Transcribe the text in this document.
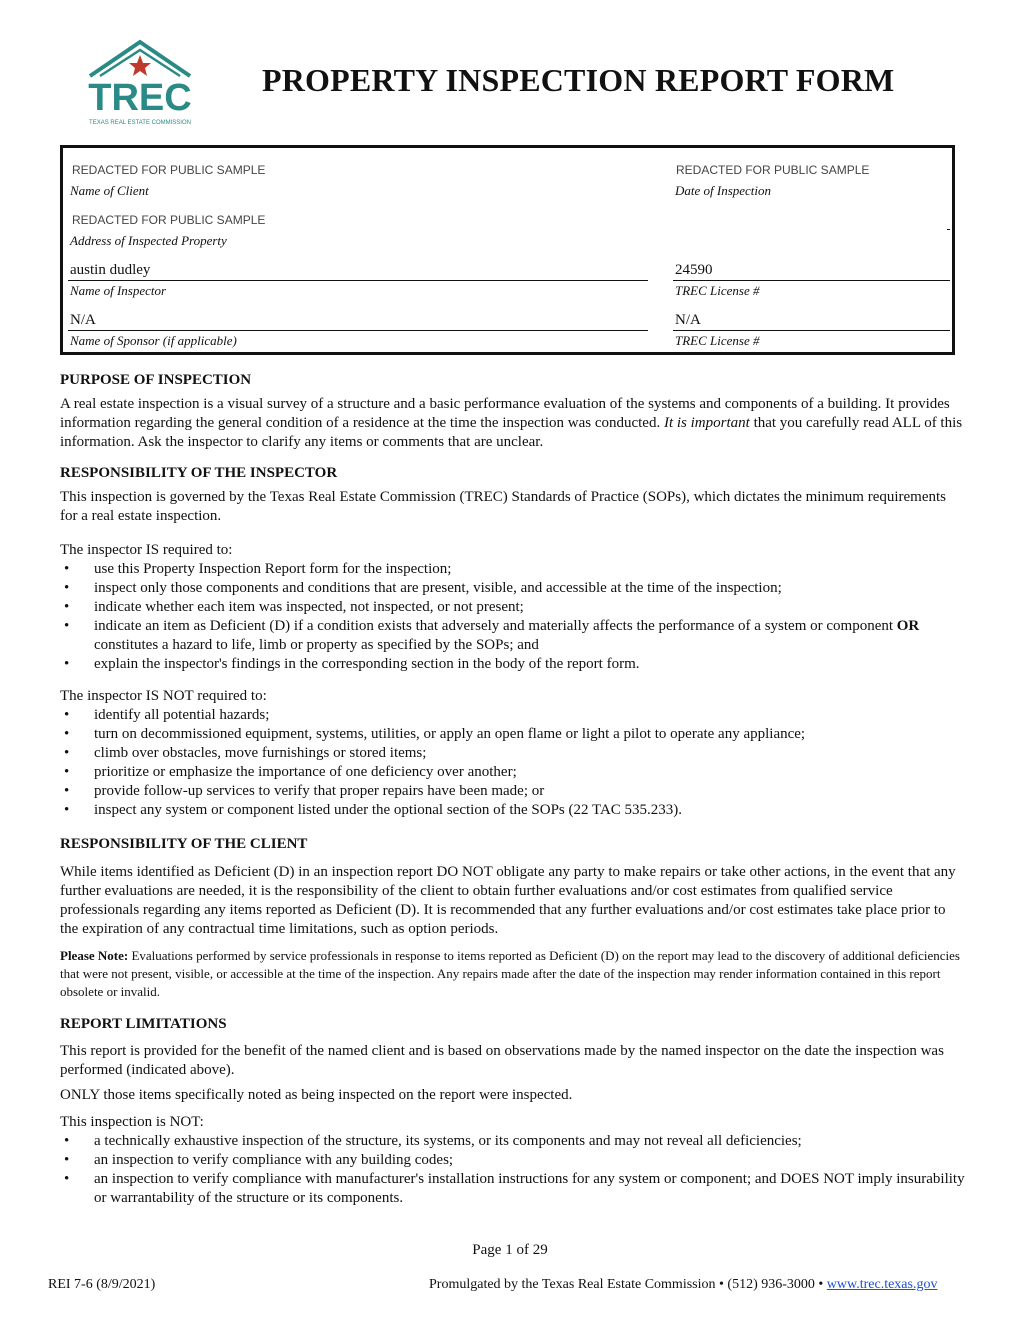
TREC
TEXAS REAL ESTATE COMMISSION
PROPERTY INSPECTION REPORT FORM
REDACTED FOR PUBLIC SAMPLE
Name of Client
REDACTED FOR PUBLIC SAMPLE
Date of Inspection
REDACTED FOR PUBLIC SAMPLE
Address of Inspected Property
austin dudley
Name of Inspector
24590
TREC License #
N/A
Name of Sponsor (if applicable)
N/A
TREC License #
PURPOSE OF INSPECTION
A real estate inspection is a visual survey of a structure and a basic performance evaluation of the systems and components of a building. It provides information regarding the general condition of a residence at the time the inspection was conducted. It is important that you carefully read ALL of this information. Ask the inspector to clarify any items or comments that are unclear.
RESPONSIBILITY OF THE INSPECTOR
This inspection is governed by the Texas Real Estate Commission (TREC) Standards of Practice (SOPs), which dictates the minimum requirements for a real estate inspection.
The inspector IS required to:
• use this Property Inspection Report form for the inspection;
• inspect only those components and conditions that are present, visible, and accessible at the time of the inspection;
• indicate whether each item was inspected, not inspected, or not present;
• indicate an item as Deficient (D) if a condition exists that adversely and materially affects the performance of a system or component OR constitutes a hazard to life, limb or property as specified by the SOPs; and
• explain the inspector's findings in the corresponding section in the body of the report form.
The inspector IS NOT required to:
• identify all potential hazards;
• turn on decommissioned equipment, systems, utilities, or apply an open flame or light a pilot to operate any appliance;
• climb over obstacles, move furnishings or stored items;
• prioritize or emphasize the importance of one deficiency over another;
• provide follow-up services to verify that proper repairs have been made; or
• inspect any system or component listed under the optional section of the SOPs (22 TAC 535.233).
RESPONSIBILITY OF THE CLIENT
While items identified as Deficient (D) in an inspection report DO NOT obligate any party to make repairs or take other actions, in the event that any further evaluations are needed, it is the responsibility of the client to obtain further evaluations and/or cost estimates from qualified service professionals regarding any items reported as Deficient (D). It is recommended that any further evaluations and/or cost estimates take place prior to the expiration of any contractual time limitations, such as option periods.
Please Note: Evaluations performed by service professionals in response to items reported as Deficient (D) on the report may lead to the discovery of additional deficiencies that were not present, visible, or accessible at the time of the inspection. Any repairs made after the date of the inspection may render information contained in this report obsolete or invalid.
REPORT LIMITATIONS
This report is provided for the benefit of the named client and is based on observations made by the named inspector on the date the inspection was performed (indicated above).
ONLY those items specifically noted as being inspected on the report were inspected.
This inspection is NOT:
• a technically exhaustive inspection of the structure, its systems, or its components and may not reveal all deficiencies;
• an inspection to verify compliance with any building codes;
• an inspection to verify compliance with manufacturer's installation instructions for any system or component; and DOES NOT imply insurability or warrantability of the structure or its components.
Page 1 of 29
REI 7-6 (8/9/2021)	Promulgated by the Texas Real Estate Commission • (512) 936-3000 • www.trec.texas.gov
